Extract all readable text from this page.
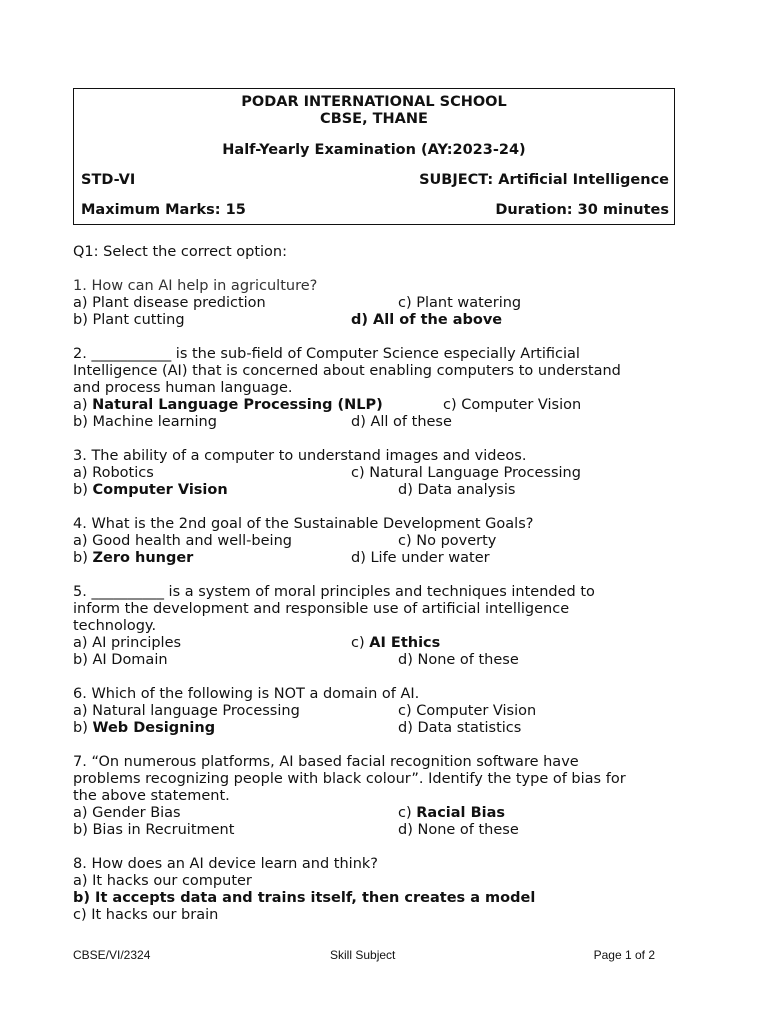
PODAR INTERNATIONAL SCHOOL
CBSE, THANE
Half-Yearly Examination (AY:2023-24)
STD-VI	SUBJECT: Artificial Intelligence
Maximum Marks: 15	Duration: 30 minutes
Q1: Select the correct option:
1. How can AI help in agriculture?
a) Plant disease prediction	c) Plant watering
b) Plant cutting	d) All of the above
2. ___________ is the sub-field of Computer Science especially Artificial
Intelligence (AI) that is concerned about enabling computers to understand
and process human language.
a) Natural Language Processing (NLP)	c) Computer Vision
b) Machine learning	d) All of these
3. The ability of a computer to understand images and videos.
a) Robotics	c) Natural Language Processing
b) Computer Vision	d) Data analysis
4. What is the 2nd goal of the Sustainable Development Goals?
a) Good health and well-being	c) No poverty
b) Zero hunger	d) Life under water
5. __________ is a system of moral principles and techniques intended to
inform the development and responsible use of artificial intelligence
technology.
a) AI principles	c) AI Ethics
b) AI Domain	d) None of these
6. Which of the following is NOT a domain of AI.
a) Natural language Processing	c) Computer Vision
b) Web Designing	d) Data statistics
7. “On numerous platforms, AI based facial recognition software have
problems recognizing people with black colour”. Identify the type of bias for
the above statement.
a) Gender Bias	c) Racial Bias
b) Bias in Recruitment	d) None of these
8. How does an AI device learn and think?
a) It hacks our computer
b) It accepts data and trains itself, then creates a model
c) It hacks our brain
CBSE/VI/2324	Skill Subject	Page 1 of 2
